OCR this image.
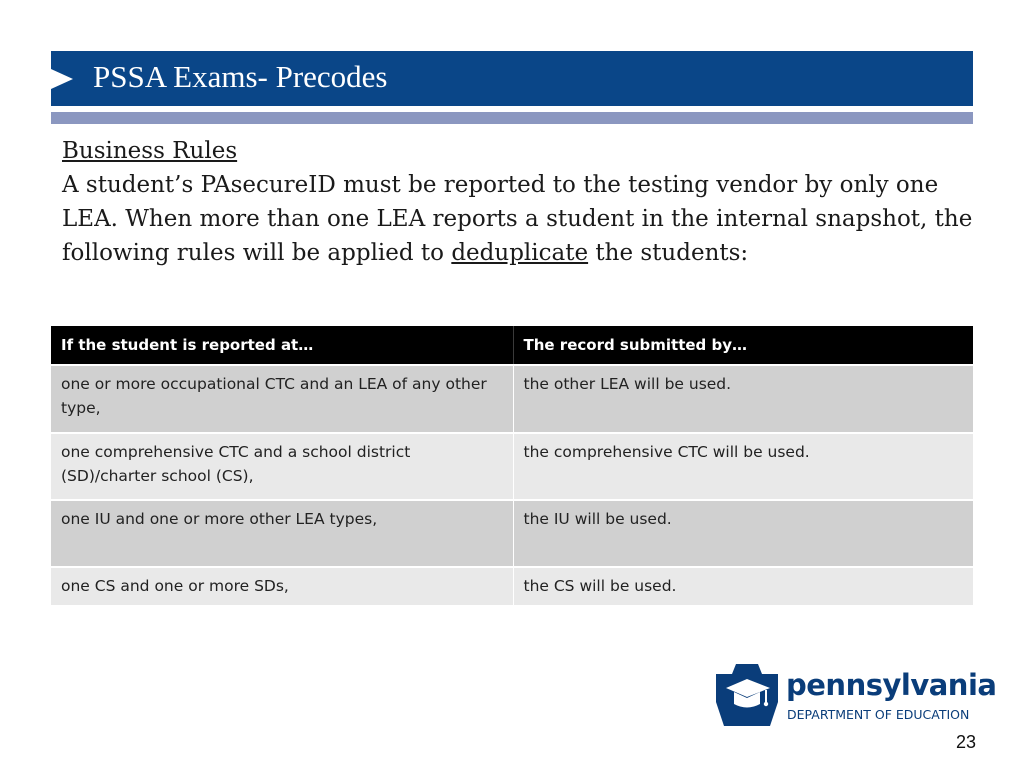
PSSA Exams- Precodes
Business Rules
A student’s PAsecureID must be reported to the testing vendor by only one LEA. When more than one LEA reports a student in the internal snapshot, the following rules will be applied to deduplicate the students:
If the student is reported at…	The record submitted by…
one or more occupational CTC and an LEA of any other type,	the other LEA will be used.
one comprehensive CTC and a school district (SD)/charter school (CS),	the comprehensive CTC will be used.
one IU and one or more other LEA types,	the IU will be used.
one CS and one or more SDs,	the CS will be used.
pennsylvania
DEPARTMENT OF EDUCATION
23
